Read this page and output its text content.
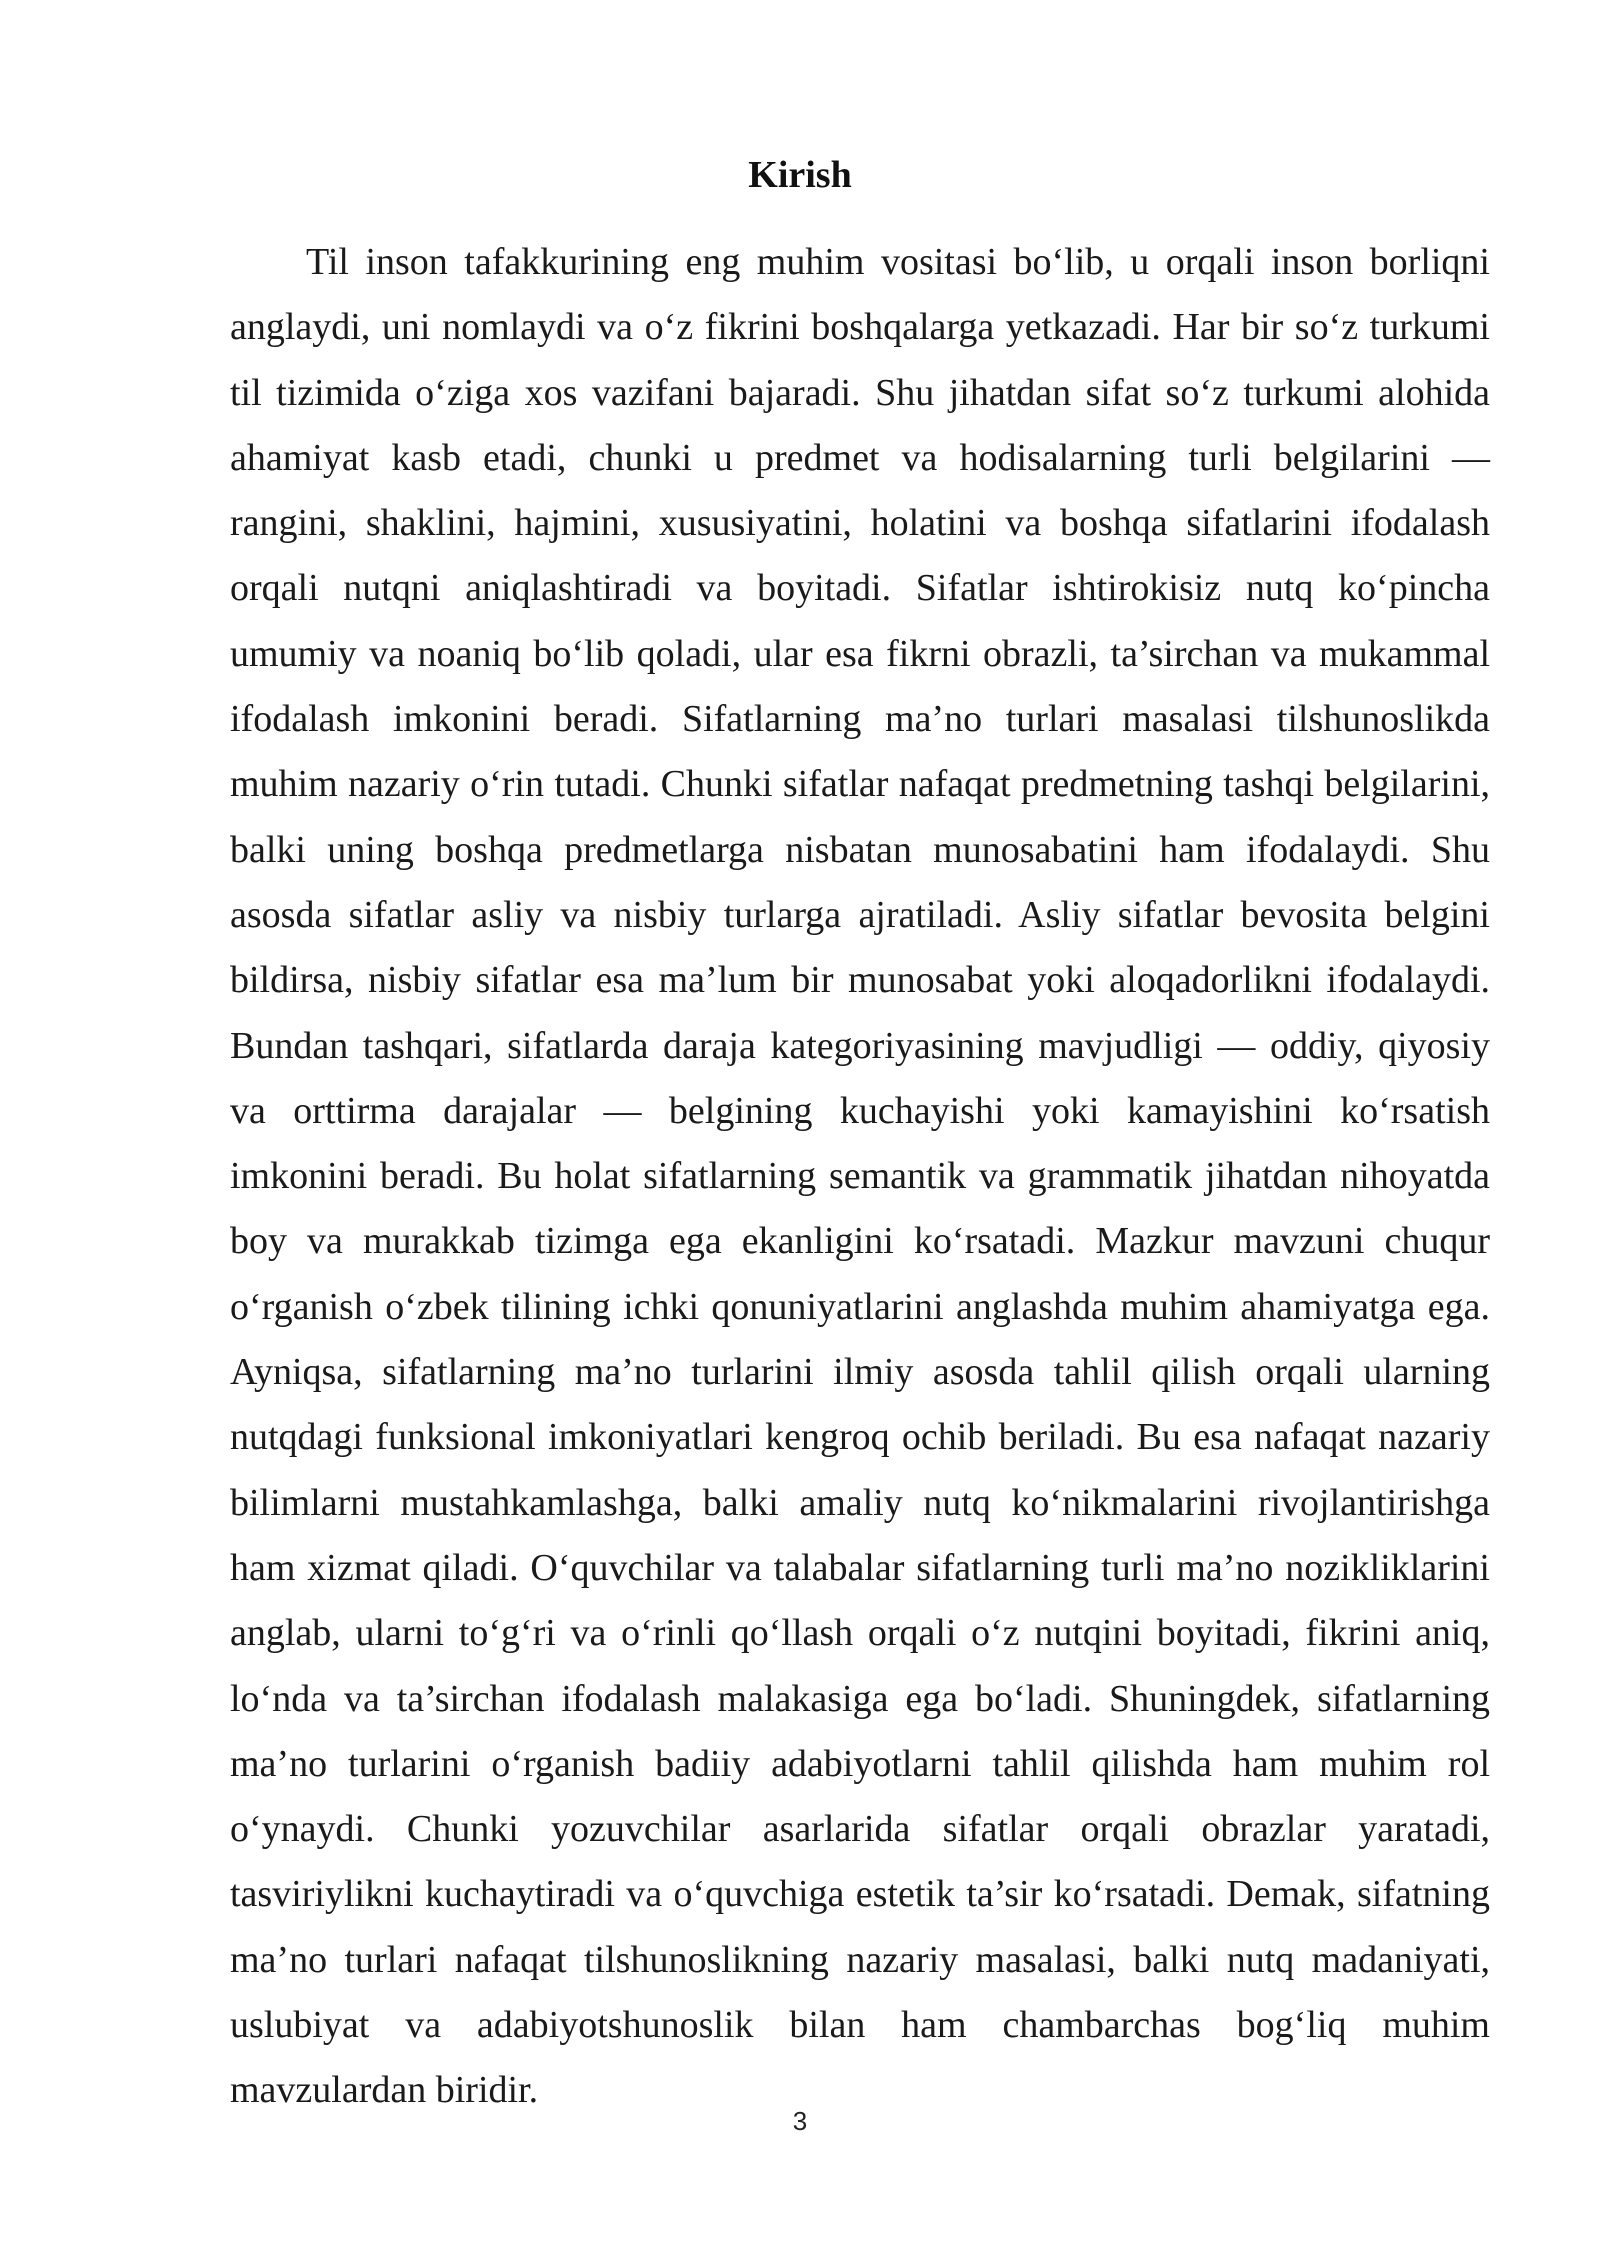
Kirish

Til inson tafakkurining eng muhim vositasi bo‘lib, u orqali inson borliqni anglaydi, uni nomlaydi va o‘z fikrini boshqalarga yetkazadi. Har bir so‘z turkumi til tizimida o‘ziga xos vazifani bajaradi. Shu jihatdan sifat so‘z turkumi alohida ahamiyat kasb etadi, chunki u predmet va hodisalarning turli belgilarini — rangini, shaklini, hajmini, xususiyatini, holatini va boshqa sifatlarini ifodalash orqali nutqni aniqlashtiradi va boyitadi. Sifatlar ishtirokisiz nutq ko‘pincha umumiy va noaniq bo‘lib qoladi, ular esa fikrni obrazli, ta’sirchan va mukammal ifodalash imkonini beradi. Sifatlarning ma’no turlari masalasi tilshunoslikda muhim nazariy o‘rin tutadi. Chunki sifatlar nafaqat predmetning tashqi belgilarini, balki uning boshqa predmetlarga nisbatan munosabatini ham ifodalaydi. Shu asosda sifatlar asliy va nisbiy turlarga ajratiladi. Asliy sifatlar bevosita belgini bildirsa, nisbiy sifatlar esa ma’lum bir munosabat yoki aloqadorlikni ifodalaydi. Bundan tashqari, sifatlarda daraja kategoriyasining mavjudligi — oddiy, qiyosiy va orttirma darajalar — belgining kuchayishi yoki kamayishini ko‘rsatish imkonini beradi. Bu holat sifatlarning semantik va grammatik jihatdan nihoyatda boy va murakkab tizimga ega ekanligini ko‘rsatadi. Mazkur mavzuni chuqur o‘rganish o‘zbek tilining ichki qonuniyatlarini anglashda muhim ahamiyatga ega. Ayniqsa, sifatlarning ma’no turlarini ilmiy asosda tahlil qilish orqali ularning nutqdagi funksional imkoniyatlari kengroq ochib beriladi. Bu esa nafaqat nazariy bilimlarni mustahkamlashga, balki amaliy nutq ko‘nikmalarini rivojlantirishga ham xizmat qiladi. O‘quvchilar va talabalar sifatlarning turli ma’no nozikliklarini anglab, ularni to‘g‘ri va o‘rinli qo‘llash orqali o‘z nutqini boyitadi, fikrini aniq, lo‘nda va ta’sirchan ifodalash malakasiga ega bo‘ladi. Shuningdek, sifatlarning ma’no turlarini o‘rganish badiiy adabiyotlarni tahlil qilishda ham muhim rol o‘ynaydi. Chunki yozuvchilar asarlarida sifatlar orqali obrazlar yaratadi, tasviriylikni kuchaytiradi va o‘quvchiga estetik ta’sir ko‘rsatadi. Demak, sifatning ma’no turlari nafaqat tilshunoslikning nazariy masalasi, balki nutq madaniyati, uslubiyat va adabiyotshunoslik bilan ham chambarchas bog‘liq muhim mavzulardan biridir.

3
